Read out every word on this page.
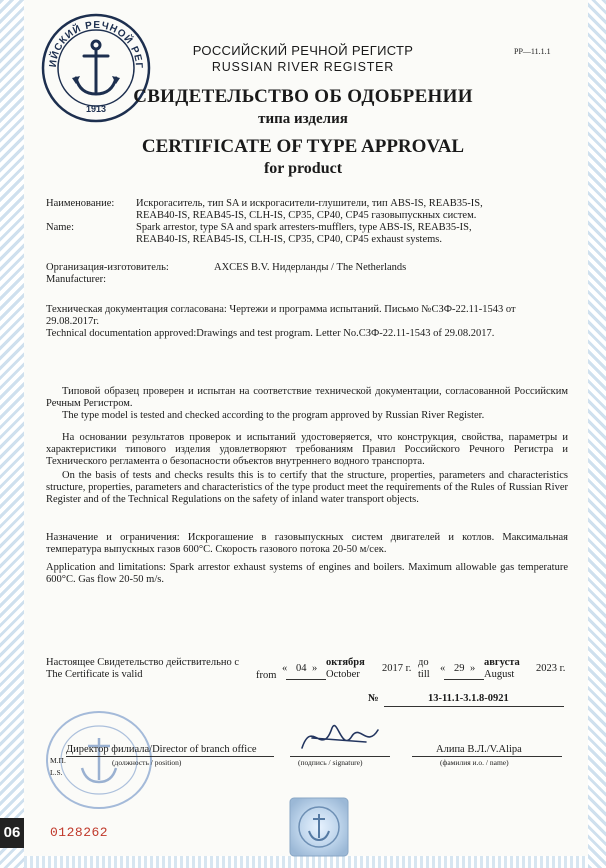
ИЙСКИЙ РЕЧНОЙ РЕГ
1913
РОССИЙСКИЙ РЕЧНОЙ РЕГИСТР
RUSSIAN RIVER REGISTER
РР—11.1.1
СВИДЕТЕЛЬСТВО ОБ ОДОБРЕНИИ
типа изделия
CERTIFICATE OF TYPE APPROVAL
for product
Наименование: Искрогаситель, тип SA и искрогасители-глушители, тип ABS-IS, REAB35-IS,
REAB40-IS, REAB45-IS, CLH-IS, CP35, CP40, CP45 газовыпускных систем.
Name:	Spark arrestor, type SA and spark arresters-mufflers, type ABS-IS, REAB35-IS,
REAB40-IS, REAB45-IS, CLH-IS, CP35, CP40, CP45 exhaust systems.
Организация-изготовитель:	AXCES B.V. Нидерланды / The Netherlands
Manufacturer:
Техническая документация согласована: Чертежи и программа испытаний. Письмо №СЗФ-22.11-1543 от
29.08.2017г.
Technical documentation approved:Drawings and test program. Letter No.СЗФ-22.11-1543 of 29.08.2017.
Типовой образец проверен и испытан на соответствие технической документации, согласованной Российским Речным Регистром.
The type model is tested and checked according to the program approved by Russian River Register.
На основании результатов проверок и испытаний удостоверяется, что конструкция, свойства, параметры и характеристики типового изделия удовлетворяют требованиям Правил Российского Речного Регистра и Технического регламента о безопасности объектов внутреннего водного транспорта.
On the basis of tests and checks results this is to certify that the structure, properties, parameters and characteristics structure, properties, parameters and characteristics of the type product meet the requirements of the Rules of Russian River Register and of the Technical Regulations on the safety of inland water transport objects.
Назначение и ограничения: Искрогашение в газовыпускных систем двигателей и котлов. Максимальная температура выпускных газов 600°С. Скорость газового потока 20-50 м/сек.
Application and limitations: Spark arrestor exhaust systems of engines and boilers. Maximum allowable gas temperature 600°C. Gas flow 20-50 m/s.
Настоящее Свидетельство действительно с
The Certificate is valid	from
« 04 »
октября
October
2017 г.
до
till
« 29 »
августа
August
2023 г.
№	13-11.1-3.1.8-0921
Директор филиала/Director of branch office
(должность / position)
М.П.
L.S.
(подпись / signature)
Алипа В.Л./V.Alipa
(фамилия и.о. / name)
06 0128262
